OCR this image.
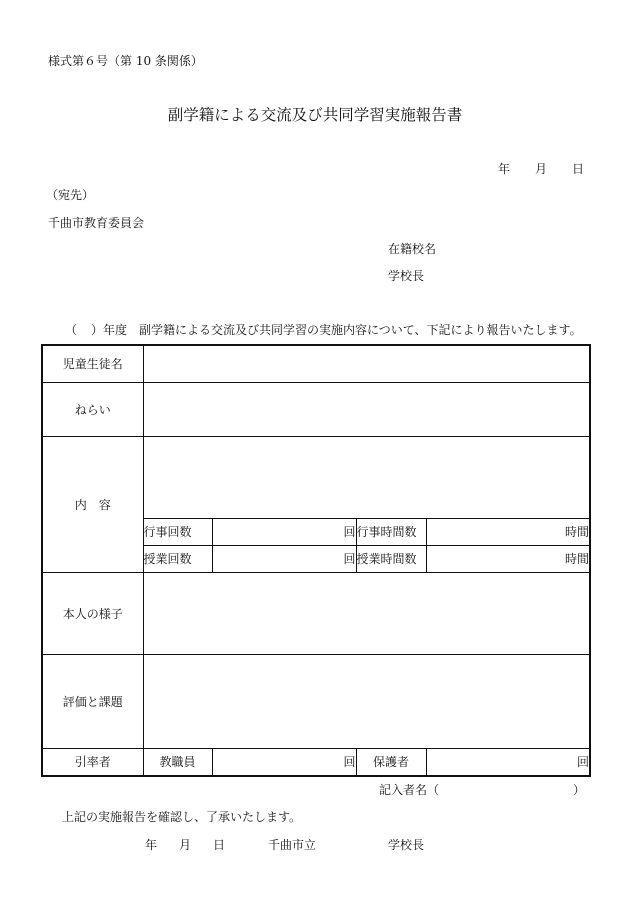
様式第６号（第 10 条関係）
副学籍による交流及び共同学習実施報告書
年 月 日
（宛先）
千曲市教育委員会
在籍校名
学校長
（ ）年度 副学籍による交流及び共同学習の実施内容について、下記により報告いたします。
児童生徒名				
ねらい				
内　容				
	行事回数	回	行事時間数	時間
	授業回数	回	授業時間数	時間
本人の様子				
評価と課題				
引率者	教職員	回	保護者	回
記入者名（	）
上記の実施報告を確認し、了承いたします。
年 月 日	千曲市立	学校長
